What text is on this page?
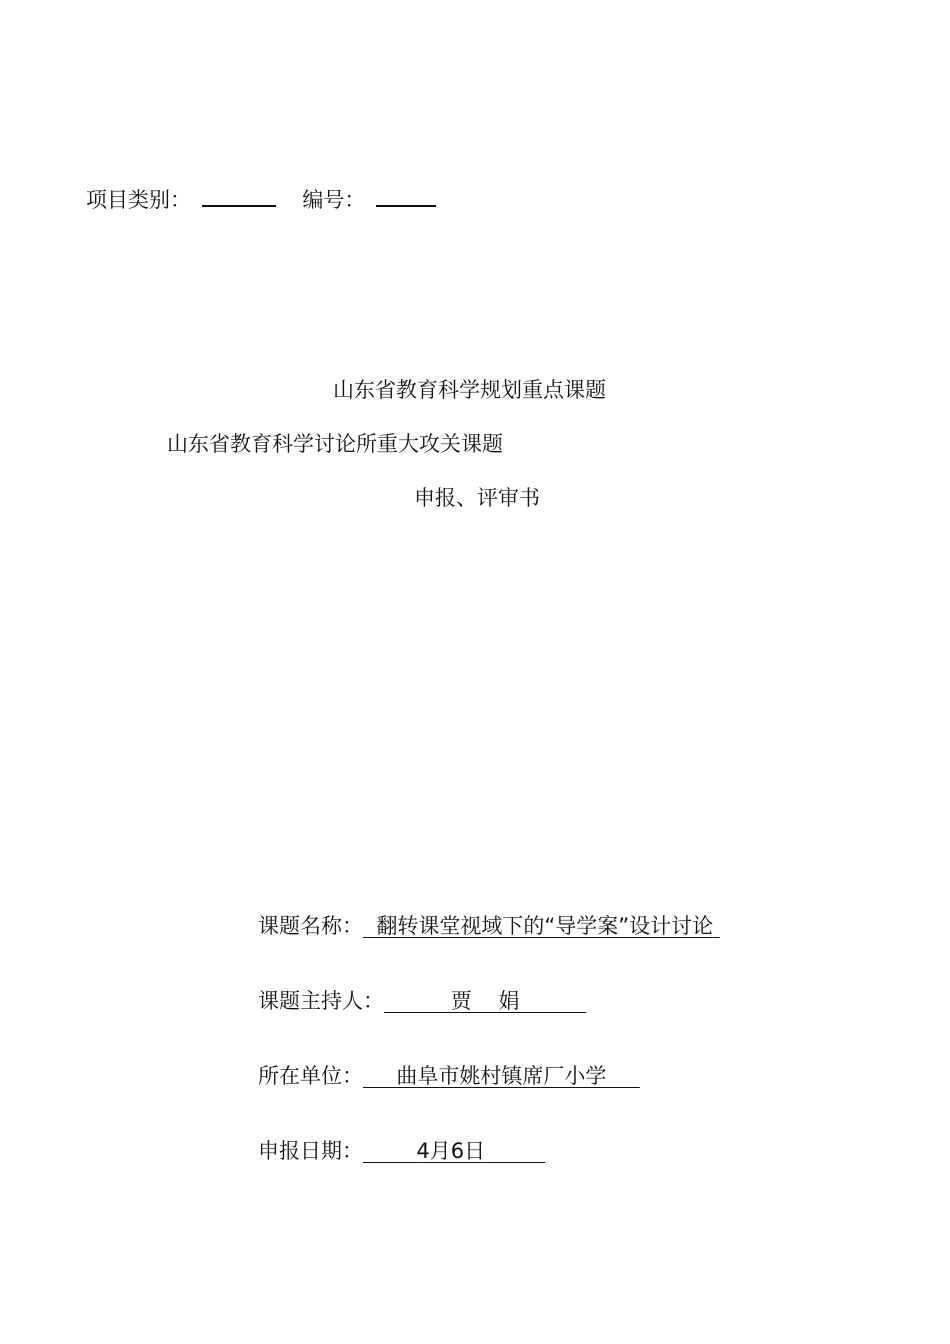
项目类别：	编号：
山东省教育科学规划重点课题
山东省教育科学讨论所重大攻关课题
申报、评审书
课题名称： 翻转课堂视域下的“导学案”设计讨论
课题主持人：	贾    娟
所在单位： 曲阜市姚村镇席厂小学
申报日期：	4月6日
